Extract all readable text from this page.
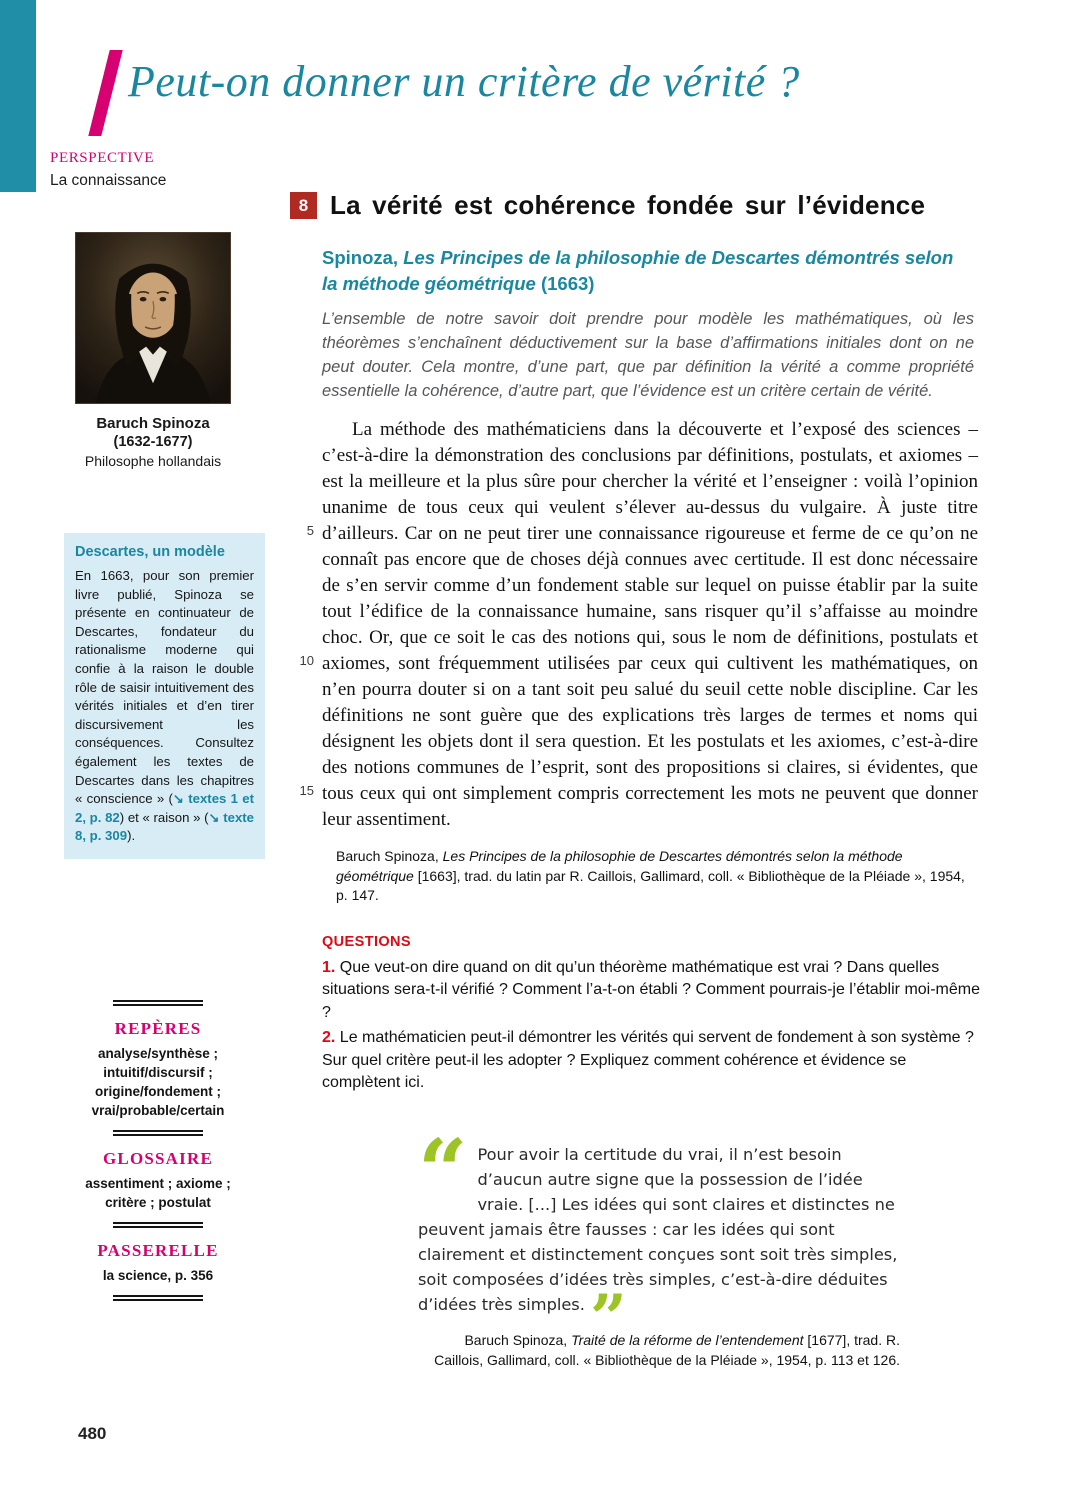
Peut-on donner un critère de vérité ?
PERSPECTIVE
La connaissance
Baruch Spinoza
(1632-1677)
Philosophe hollandais
Descartes, un modèle

En 1663, pour son premier livre publié, Spinoza se présente en continuateur de Descartes, fondateur du rationalisme moderne qui confie à la raison le double rôle de saisir intuitivement des vérités initiales et d’en tirer discursivement les conséquences. Consultez également les textes de Descartes dans les chapitres « conscience » (↘ textes 1 et 2, p. 82) et « raison » (↘ texte 8, p. 309).

REPÈRES
analyse/synthèse ;
intuitif/discursif ;
origine/fondement ;
vrai/probable/certain
GLOSSAIRE
assentiment ; axiome ;
critère ; postulat
PASSERELLE
la science, p. 356
8 La vérité est cohérence fondée sur l’évidence
Spinoza, Les Principes de la philosophie de Descartes démontrés selon la méthode géométrique (1663)

L’ensemble de notre savoir doit prendre pour modèle les mathématiques, où les théorèmes s’enchaînent déductivement sur la base d’affirmations initiales dont on ne peut douter. Cela montre, d’une part, que par définition la vérité a comme propriété essentielle la cohérence, d’autre part, que l’évidence est un critère certain de vérité.

5
10
15

La méthode des mathématiciens dans la découverte et l’exposé des sciences – c’est-à-dire la démonstration des conclusions par définitions, postulats, et axiomes – est la meilleure et la plus sûre pour chercher la vérité et l’enseigner : voilà l’opinion unanime de tous ceux qui veulent s’élever au-dessus du vulgaire. À juste titre d’ailleurs. Car on ne peut tirer une connaissance rigoureuse et ferme de ce qu’on ne connaît pas encore que de choses déjà connues avec certitude. Il est donc nécessaire de s’en servir comme d’un fondement stable sur lequel on puisse établir par la suite tout l’édifice de la connaissance humaine, sans risquer qu’il s’affaisse au moindre choc. Or, que ce soit le cas des notions qui, sous le nom de définitions, postulats et axiomes, sont fréquemment utilisées par ceux qui cultivent les mathématiques, on n’en pourra douter si on a tant soit peu salué du seuil cette noble discipline. Car les définitions ne sont guère que des explications très larges de termes et noms qui désignent les objets dont il sera question. Et les postulats et les axiomes, c’est-à-dire des notions communes de l’esprit, sont des propositions si claires, si évidentes, que tous ceux qui ont simplement compris correctement les mots ne peuvent que donner leur assentiment.

Baruch Spinoza, Les Principes de la philosophie de Descartes démontrés selon la méthode géométrique [1663], trad. du latin par R. Caillois, Gallimard, coll. « Bibliothèque de la Pléiade », 1954, p. 147.

QUESTIONS

1. Que veut-on dire quand on dit qu’un théorème mathématique est vrai ? Dans quelles situations sera-t-il vérifié ? Comment l’a-t-on établi ? Comment pourrais-je l’établir moi-même ?

2. Le mathématicien peut-il démontrer les vérités qui servent de fondement à son système ? Sur quel critère peut-il les adopter ? Expliquez comment cohérence et évidence se complètent ici.

“ Pour avoir la certitude du vrai, il n’est besoin d’aucun autre signe que la possession de l’idée vraie. [...] Les idées qui sont claires et distinctes ne peuvent jamais être fausses : car les idées qui sont clairement et distinctement conçues sont soit très simples, soit composées d’idées très simples, c’est-à-dire déduites d’idées très simples. ”

Baruch Spinoza, Traité de la réforme de l’entendement [1677], trad. R. Caillois, Gallimard, coll. « Bibliothèque de la Pléiade », 1954, p. 113 et 126.

480
